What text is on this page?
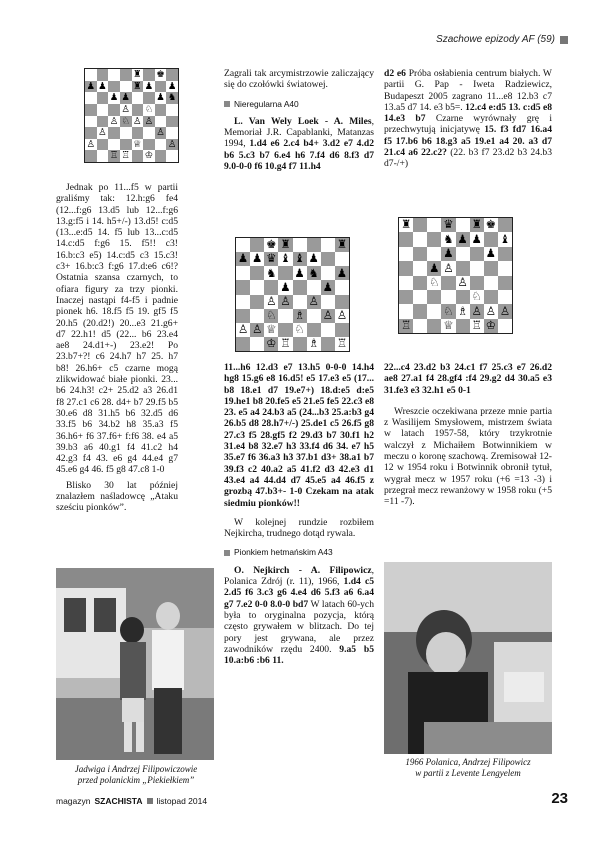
Szachowe epizody AF (59)
♜ ♚
♟ ♟	♜ ♟ ♟
♟ ♟	♟ ♞
♙ ♘
♙ ♘ ♙ ♙
♙	♙
♙	♕	♙
♖ ♖ ♔
♚ ♜	♜
♟ ♟ ♛ ♝ ♝ ♟
♞ ♟ ♞ ♟
♟	♟
♙ ♙ ♙
♘ ♗ ♙ ♙
♙ ♙ ♕ ♘
♔ ♖ ♗ ♖
♜	♛ ♜ ♚
♞ ♟ ♟ ♝
♟	♟
♟ ♙
♘ ♙
♘
♘ ♗ ♙ ♙ ♙
♖	♕ ♖ ♔

Jednak po 11...f5 w partii graliśmy tak: 12.h:g6 fe4 (12...f:g6 13.d5 lub 12...f:g6 13.g:f5 i 14. h5+/-) 13.d5! c:d5 (13...e:d5 14. f5 lub 13...c:d5 14.c:d5 f:g6 15. f5!! c3! 16.b:c3 e5) 14.c:d5 c3 15.c3! c3+ 16.b:c3 f:g6 17.d:e6 c6!? Ostatnia szansa czarnych, to ofiara figury za trzy pionki. Inaczej nastąpi f4-f5 i padnie pionek h6. 18.f5 f5 19. gf5 f5 20.h5 (20.d2!) 20...e3 21.g6+ d7 22.h1! d5 (22... b6 23.e4 ae8 24.d1+-) 23.e2! Po 23.b7+?! c6 24.h7 h7 25. h7 b8! 26.h6+ c5 czarne mogą zlikwidować białe pionki. 23... b6 24.h3! c2+ 25.d2 a3 26.d1 f8 27.c1 c6 28. d4+ b7 29.f5 b5 30.e6 d8 31.h5 b6 32.d5 d6 33.f5 b6 34.b2 h8 35.a3 f5 36.h6+ f6 37.f6+ f:f6 38. e4 a5 39.b3 a6 40.g1 f4 41.c2 h4 42.g3 f4 43. e6 g4 44.e4 g7 45.e6 g4 46. f5 g8 47.c8 1-0

Blisko 30 lat później znalazłem naśladowcę „Ataku sześciu pionków”.

Jadwiga i Andrzej Filipowiczowie
przed polanickim „Piekiełkiem”

Zagrali tak arcymistrzowie zaliczający się do czołówki światowej.

Nieregularna A40

L. Van Wely Loek - A. Miles, Memoriał J.R. Capablanki, Matanzas 1994, 1.d4 e6 2.c4 b4+ 3.d2 e7 4.d2 b6 5.c3 b7 6.e4 h6 7.f4 d6 8.f3 d7 9.0-0-0 f6 10.g4 f7 11.h4

11...h6 12.d3 e7 13.h5 0-0-0 14.h4 hg8 15.g6 e8 16.d5! e5 17.e3 e5 (17... b8 18.e1 d7 19.e7+) 18.d:e5 d:e5 19.he1 b8 20.fe5 e5 21.e5 fe5 22.c3 e8 23. e5 a4 24.b3 a5 (24...b3 25.a:b3 g4 26.b5 d8 28.h7+/-) 25.de1 c5 26.f5 g8 27.c3 f5 28.gf5 f2 29.d3 b7 30.f1 h2 31.e4 b8 32.e7 h3 33.f4 d6 34. e7 h5 35.e7 f6 36.a3 h3 37.b1 d3+ 38.a1 b7 39.f3 c2 40.a2 a5 41.f2 d3 42.e3 d1 43.e4 a4 44.d4 d7 45.e5 a4 46.f5 z grozbą 47.b3+- 1-0 Czekam na atak siedmiu pionków!!

W kolejnej rundzie rozbiłem Nejkircha, trudnego dotąd rywala.

Pionkiem hetmańskim A43

O. Nejkirch - A. Filipowicz, Polanica Zdrój (r. 11), 1966, 1.d4 c5 2.d5 f6 3.c3 g6 4.e4 d6 5.f3 a6 6.a4 g7 7.e2 0-0 8.0-0 bd7 W latach 60-ych była to oryginalna pozycja, którą często grywałem w blitzach. Do tej pory jest grywana, ale przez zawodników rzędu 2400. 9.a5 b5 10.a:b6 :b6 11.

d2 e6 Próba osłabienia centrum białych. W partii G. Pap - Iweta Radziewicz, Budapeszt 2005 zagrano 11...e8 12.b3 c7 13.a5 d7 14. e3 b5=. 12.c4 e:d5 13. c:d5 e8 14.e3 b7 Czarne wyrównały grę i przechwytują inicjatywę 15. f3 fd7 16.a4 f5 17.b6 b6 18.g3 a5 19.e1 a4 20. a3 d7 21.c4 a6 22.c2? (22. b3 f7 23.d2 b3 24.b3 d7-/+)

22...c4 23.d2 b3 24.c1 f7 25.c3 e7 26.d2 ae8 27.a1 f4 28.gf4 :f4 29.g2 d4 30.a5 e3 31.fe3 e3 32.h1 e5 0-1

Wreszcie oczekiwana przeze mnie partia z Wasilijem Smysłowem, mistrzem świata w latach 1957-58, który trzykrotnie walczył z Michaiłem Botwinnikiem w meczu o koronę szachową. Zremisował 12-12 w 1954 roku i Botwinnik obronił tytuł, wygrał mecz w 1957 roku (+6 =13 -3) i przegrał mecz rewanżowy w 1958 roku (+5 =11 -7).

1966 Polanica, Andrzej Filipowicz
w partii z Levente Lengyelem
magazyn SZACHISTA listopad 2014	23
